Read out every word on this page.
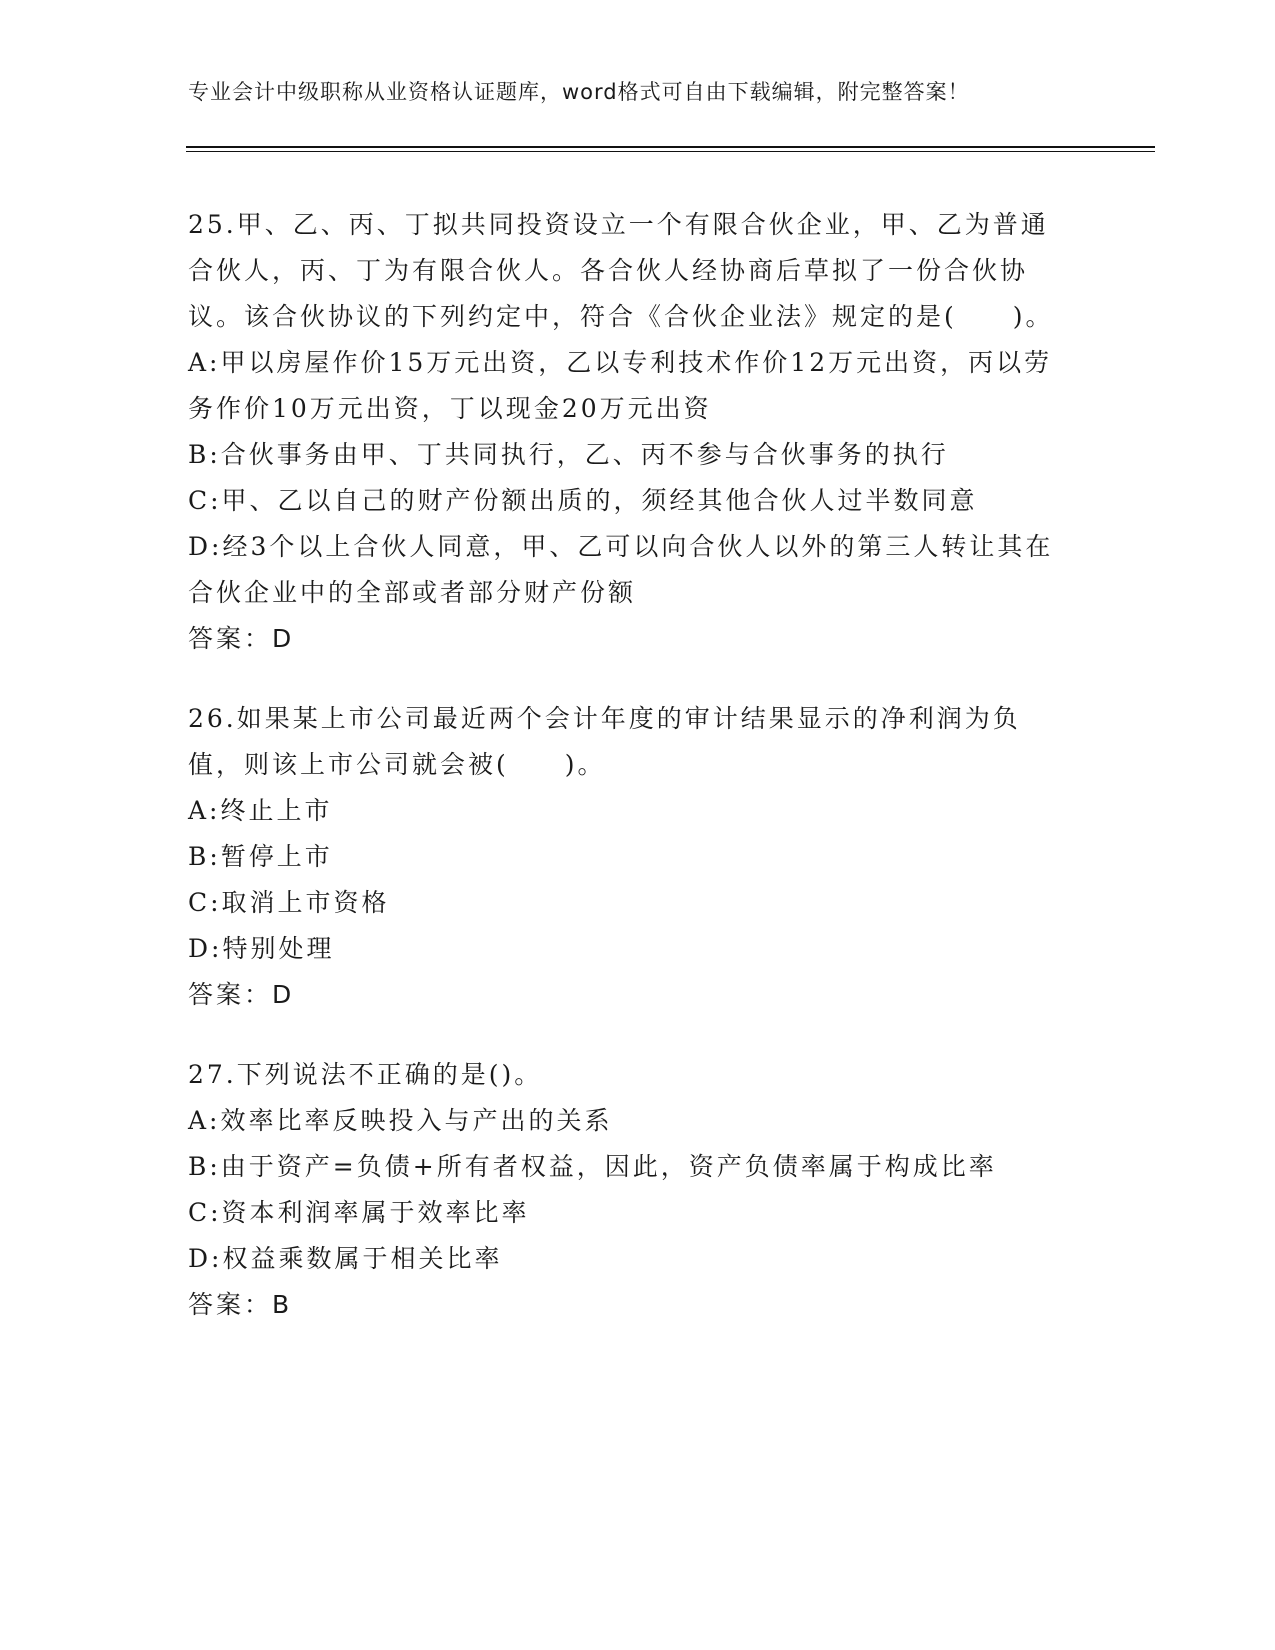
专业会计中级职称从业资格认证题库，word格式可自由下载编辑，附完整答案！
25.甲、乙、丙、丁拟共同投资设立一个有限合伙企业，甲、乙为普通合伙人，丙、丁为有限合伙人。各合伙人经协商后草拟了一份合伙协议。该合伙协议的下列约定中，符合《合伙企业法》规定的是(　　)。
A:甲以房屋作价15万元出资，乙以专利技术作价12万元出资，丙以劳务作价10万元出资，丁以现金20万元出资
B:合伙事务由甲、丁共同执行，乙、丙不参与合伙事务的执行
C:甲、乙以自己的财产份额出质的，须经其他合伙人过半数同意
D:经3个以上合伙人同意，甲、乙可以向合伙人以外的第三人转让其在合伙企业中的全部或者部分财产份额
答案：D
26.如果某上市公司最近两个会计年度的审计结果显示的净利润为负值，则该上市公司就会被(　　)。
A:终止上市
B:暂停上市
C:取消上市资格
D:特别处理
答案：D
27.下列说法不正确的是()。
A:效率比率反映投入与产出的关系
B:由于资产=负债+所有者权益，因此，资产负债率属于构成比率
C:资本利润率属于效率比率
D:权益乘数属于相关比率
答案：B
